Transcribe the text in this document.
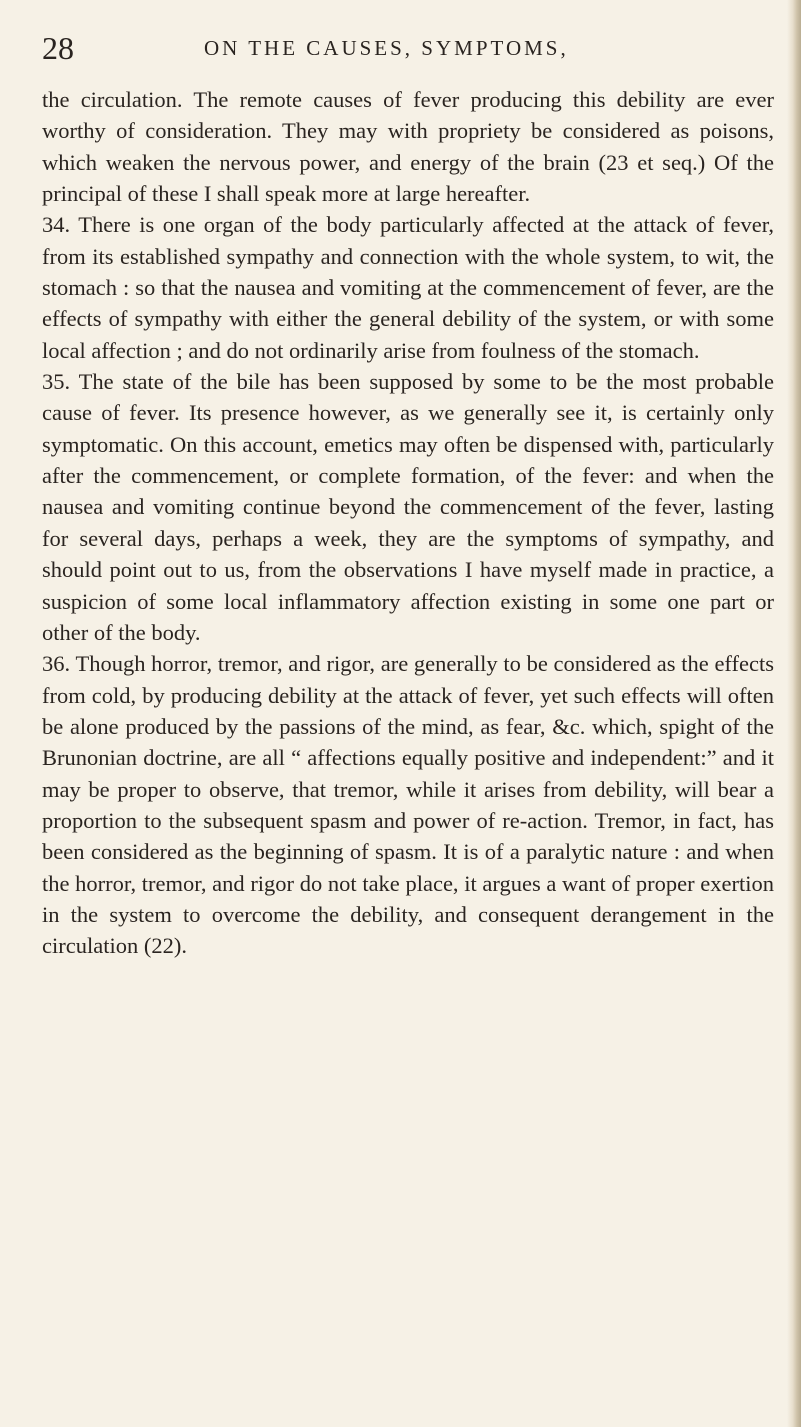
28	ON THE CAUSES, SYMPTOMS,

the circulation. The remote causes of fever producing this debility are ever worthy of consideration. They may with propriety be considered as poisons, which weaken the nervous power, and energy of the brain (23 et seq.) Of the principal of these I shall speak more at large hereafter.

34. There is one organ of the body particularly affected at the attack of fever, from its established sympathy and connection with the whole system, to wit, the stomach : so that the nausea and vomiting at the commencement of fever, are the effects of sympathy with either the general debility of the system, or with some local affection ; and do not ordinarily arise from foulness of the stomach.

35. The state of the bile has been supposed by some to be the most probable cause of fever. Its presence however, as we generally see it, is certainly only symptomatic. On this account, emetics may often be dispensed with, particularly after the commencement, or complete formation, of the fever: and when the nausea and vomiting continue beyond the commencement of the fever, lasting for several days, perhaps a week, they are the symptoms of sympathy, and should point out to us, from the observations I have myself made in practice, a suspicion of some local inflammatory affection existing in some one part or other of the body.

36. Though horror, tremor, and rigor, are generally to be considered as the effects from cold, by producing debility at the attack of fever, yet such effects will often be alone produced by the passions of the mind, as fear, &c. which, spight of the Brunonian doctrine, are all “ affections equally positive and independent:” and it may be proper to observe, that tremor, while it arises from debility, will bear a proportion to the subsequent spasm and power of re-action. Tremor, in fact, has been considered as the beginning of spasm. It is of a paralytic nature : and when the horror, tremor, and rigor do not take place, it argues a want of proper exertion in the system to overcome the debility, and consequent derangement in the circulation (22).
